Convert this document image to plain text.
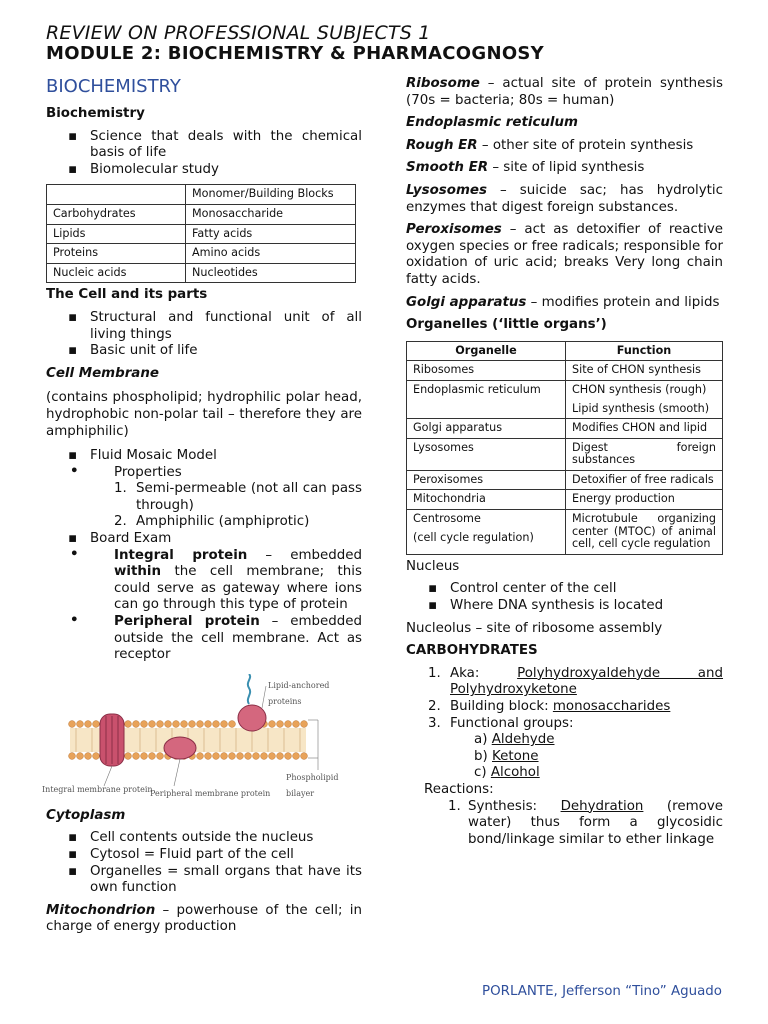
REVIEW ON PROFESSIONAL SUBJECTS 1
MODULE 2: BIOCHEMISTRY & PHARMACOGNOSY
BIOCHEMISTRY
Biochemistry
▪ Science that deals with the chemical basis of life
▪ Biomolecular study
	Monomer/Building Blocks
Carbohydrates	Monosaccharide
Lipids	Fatty acids
Proteins	Amino acids
Nucleic acids	Nucleotides
The Cell and its parts
▪ Structural and functional unit of all living things
▪ Basic unit of life
Cell Membrane

(contains phospholipid; hydrophilic polar head, hydrophobic non-polar tail – therefore they are amphiphilic)

▪ Fluid Mosaic Model
• Properties
1. Semi-permeable (not all can pass through)
2. Amphiphilic (amphiprotic)
▪ Board Exam
• Integral protein – embedded within the cell membrane; this could serve as gateway where ions can go through this type of protein
• Peripheral protein – embedded outside the cell membrane. Act as receptor
Lipid-anchored proteins
Integral membrane protein
Peripheral membrane protein
Phospholipid bilayer
Cytoplasm
▪ Cell contents outside the nucleus
▪ Cytosol = Fluid part of the cell
▪ Organelles = small organs that have its own function

Mitochondrion – powerhouse of the cell; in charge of energy production

Ribosome – actual site of protein synthesis (70s = bacteria; 80s = human)

Endoplasmic reticulum

Rough ER – other site of protein synthesis

Smooth ER – site of lipid synthesis

Lysosomes – suicide sac; has hydrolytic enzymes that digest foreign substances.

Peroxisomes – act as detoxifier of reactive oxygen species or free radicals; responsible for oxidation of uric acid; breaks Very long chain fatty acids.

Golgi apparatus – modifies protein and lipids

Organelles (‘little organs’)
Organelle	Function
Ribosomes	Site of CHON synthesis
Endoplasmic reticulum	CHON synthesis (rough)
Lipid synthesis (smooth)

Golgi apparatus	Modifies CHON and lipid
Lysosomes	Digest foreign substances
Peroxisomes	Detoxifier of free radicals
Mitochondria	Energy production

Centrosome
(cell cycle regulation)	Microtubule organizing center (MTOC) of animal cell, cell cycle regulation

Nucleus

▪ Control center of the cell
▪ Where DNA synthesis is located

Nucleolus – site of ribosome assembly

CARBOHYDRATES
1. Aka: Polyhydroxyaldehyde and Polyhydroxyketone
2. Building block: monosaccharides
3. Functional groups:
a) Aldehyde
b) Ketone
c) Alcohol
Reactions:
1. Synthesis: Dehydration (remove water) thus form a glycosidic bond/linkage similar to ether linkage
PORLANTE, Jefferson “Tino” Aguado
